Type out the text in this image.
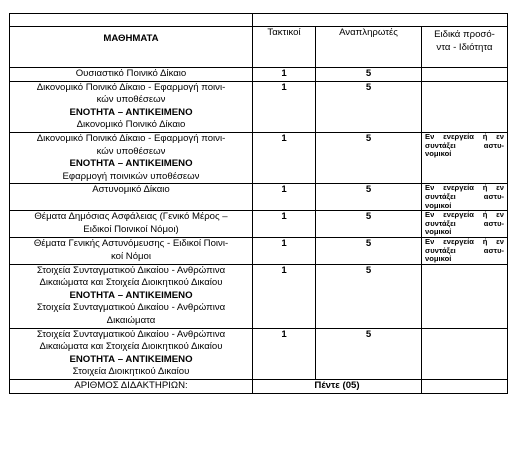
ΜΑΘΗΜΑΤΑ	Τακτικοί	Αναπληρωτές	Ειδικά προσό-
ντα - Ιδιότητα

Ουσιαστικό Ποινικό Δίκαιο	1	5	

Δικονομικό Ποινικό Δίκαιο - Εφαρμογή ποινι-
κών υποθέσεων
ΕΝΟΤΗΤΑ – ΑΝΤΙΚΕΙΜΕΝΟ
Δικονομικό Ποινικό Δίκαιο	1	5	

Δικονομικό Ποινικό Δίκαιο - Εφαρμογή ποινι-
κών υποθέσεων
ΕΝΟΤΗΤΑ – ΑΝΤΙΚΕΙΜΕΝΟ
Εφαρμογή ποινικών υποθέσεων	1	5	Εν ενεργεία ή εν συντάξει αστυ- νομικοί

Αστυνομικό Δίκαιο	1	5	Εν ενεργεία ή εν συντάξει αστυ- νομικοί

Θέματα Δημόσιας Ασφάλειας (Γενικό Μέρος –
Ειδικοί Ποινικοί Νόμοι)	1	5	Εν ενεργεία ή εν συντάξει αστυ- νομικοί

Θέματα Γενικής Αστυνόμευσης - Ειδικοί Ποινι-
κοί Νόμοι	1	5	Εν ενεργεία ή εν συντάξει αστυ- νομικοί

Στοιχεία Συνταγματικού Δικαίου - Ανθρώπινα
Δικαιώματα και Στοιχεία Διοικητικού Δικαίου
ΕΝΟΤΗΤΑ – ΑΝΤΙΚΕΙΜΕΝΟ
Στοιχεία Συνταγματικού Δικαίου - Ανθρώπινα
Δικαιώματα	1	5	

Στοιχεία Συνταγματικού Δικαίου - Ανθρώπινα
Δικαιώματα και Στοιχεία Διοικητικού Δικαίου
ΕΝΟΤΗΤΑ – ΑΝΤΙΚΕΙΜΕΝΟ
Στοιχεία Διοικητικού Δικαίου	1	5	

ΑΡΙΘΜΟΣ ΔΙΔΑΚΤΗΡΙΩΝ:	Πέντε (05)		
